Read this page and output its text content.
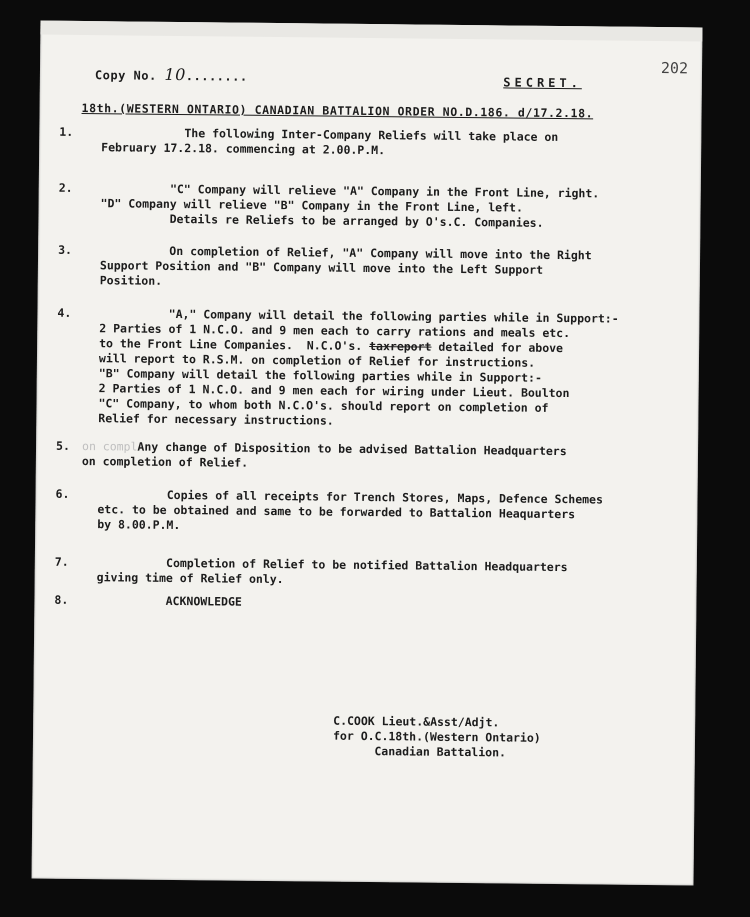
202
Copy No. 10........	SECRET.
18th.(WESTERN ONTARIO) CANADIAN BATTALION ORDER NO.D.186. d/17.2.18.
1.	The following Inter-Company Reliefs will take place on
February 17.2.18. commencing at 2.00.P.M.
2.	"C" Company will relieve "A" Company in the Front Line, right.
"D" Company will relieve "B" Company in the Front Line, left.
Details re Reliefs to be arranged by O's.C. Companies.
3.	On completion of Relief, "A" Company will move into the Right
Support Position and "B" Company will move into the Left Support
Position.
4.	"A," Company will detail the following parties while in Support:-
2 Parties of 1 N.C.O. and 9 men each to carry rations and meals etc.
to the Front Line Companies.  N.C.O's. taxreport detailed for above
will report to R.S.M. on completion of Relief for instructions.
"B" Company will detail the following parties while in Support:-
2 Parties of 1 N.C.O. and 9 men each for wiring under Lieut. Boulton
"C" Company, to whom both N.C.O's. should report on completion of
Relief for necessary instructions.
5.	on complAny change of Disposition to be advised Battalion Headquarters
on completion of Relief.
6.	Copies of all receipts for Trench Stores, Maps, Defence Schemes
etc. to be obtained and same to be forwarded to Battalion Heaquarters
by 8.00.P.M.
7.	Completion of Relief to be notified Battalion Headquarters
giving time of Relief only.
8.	ACKNOWLEDGE
C.COOK Lieut.&Asst/Adjt.
for O.C.18th.(Western Ontario)
Canadian Battalion.
